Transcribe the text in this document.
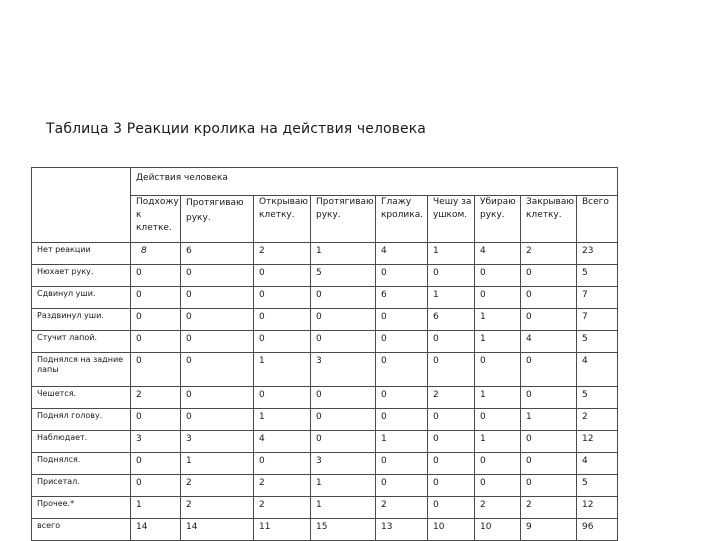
Таблица 3 Реакции кролика на действия человека
	Действия человека								
	Подхожу к клетке.	Протягиваю руку.	Открываю клетку.	Протягиваю руку.	Глажу кролика.	Чешу за ушком.	Убираю руку.	Закрываю клетку.	Всего
Нет реакции	8	6	2	1	4	1	4	2	23
Нюхает руку.	0	0	0	5	0	0	0	0	5
Сдвинул уши.	0	0	0	0	6	1	0	0	7
Раздвинул уши.	0	0	0	0	0	6	1	0	7
Стучит лапой.	0	0	0	0	0	0	1	4	5
Поднялся на задние лапы	0	0	1	3	0	0	0	0	4
Чешется.	2	0	0	0	0	2	1	0	5
Поднял голову.	0	0	1	0	0	0	0	1	2
Наблюдает.	3	3	4	0	1	0	1	0	12
Поднялся.	0	1	0	3	0	0	0	0	4
Присетал.	0	2	2	1	0	0	0	0	5
Прочее.*	1	2	2	1	2	0	2	2	12
всего	14	14	11	15	13	10	10	9	96
